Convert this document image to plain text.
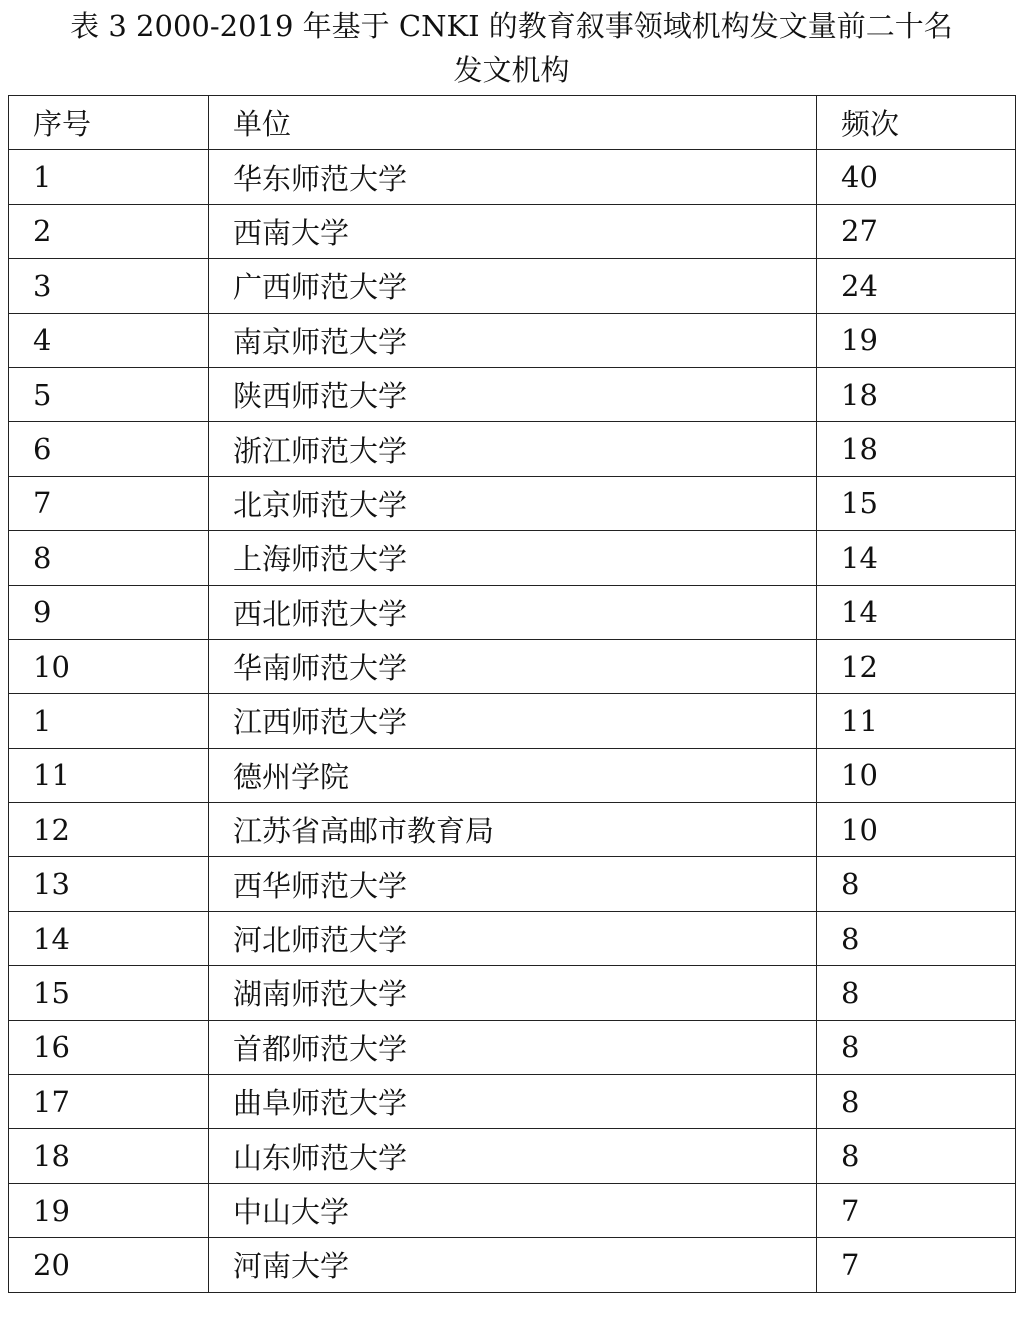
表 3 2000-2019 年基于 CNKI 的教育叙事领域机构发文量前二十名
发文机构
序号	单位	频次
1	华东师范大学	40
2	西南大学	27
3	广西师范大学	24
4	南京师范大学	19
5	陕西师范大学	18
6	浙江师范大学	18
7	北京师范大学	15
8	上海师范大学	14
9	西北师范大学	14
10	华南师范大学	12
1	江西师范大学	11
11	德州学院	10
12	江苏省高邮市教育局	10
13	西华师范大学	8
14	河北师范大学	8
15	湖南师范大学	8
16	首都师范大学	8
17	曲阜师范大学	8
18	山东师范大学	8
19	中山大学	7
20	河南大学	7
